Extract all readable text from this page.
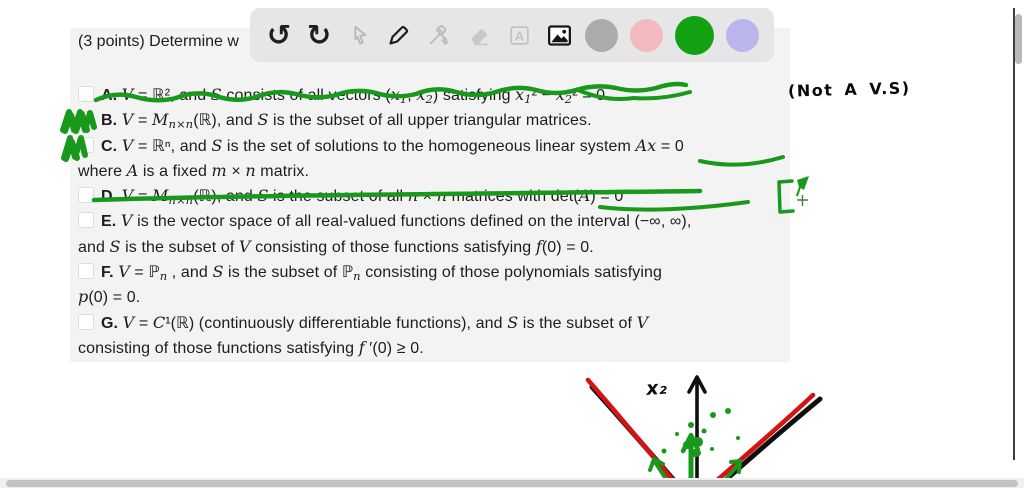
(3 points) Determine w
A. V = ℝ², and S consists of all vectors (x1, x2) satisfying x1² − x2² = 0.
B. V = Mn×n(ℝ), and S is the subset of all upper triangular matrices.
C. V = ℝⁿ, and S is the set of solutions to the homogeneous linear system Ax = 0
where A is a fixed m × n matrix.
D. V = Mn×n(ℝ), and S is the subset of all n × n matrices with det(A) = 0
E. V is the vector space of all real-valued functions defined on the interval (−∞, ∞),
and S is the subset of V consisting of those functions satisfying f(0) = 0.
F. V = ℙn , and S is the subset of ℙn consisting of those polynomials satisfying
p(0) = 0.
G. V = C¹(ℝ) (continuously differentiable functions), and S is the subset of V
consisting of those functions satisfying f ′(0) ≥ 0.
(Not A V.S)
↺ ↻	A
x₂
